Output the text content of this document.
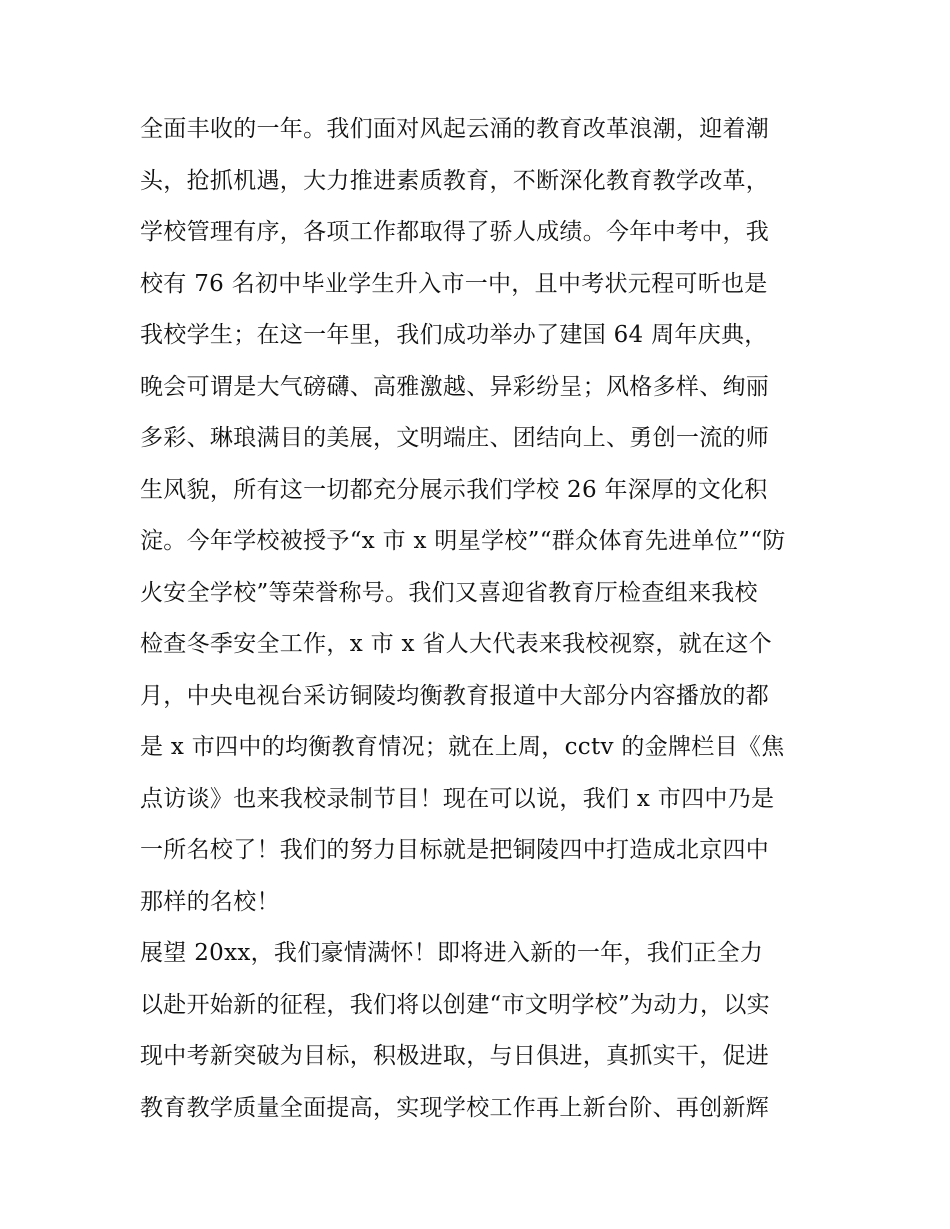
全面丰收的一年。我们面对风起云涌的教育改革浪潮，迎着潮
头，抢抓机遇，大力推进素质教育，不断深化教育教学改革，
学校管理有序，各项工作都取得了骄人成绩。今年中考中，我
校有 76 名初中毕业学生升入市一中，且中考状元程可昕也是
我校学生；在这一年里，我们成功举办了建国 64 周年庆典，
晚会可谓是大气磅礴、高雅激越、异彩纷呈；风格多样、绚丽
多彩、琳琅满目的美展，文明端庄、团结向上、勇创一流的师
生风貌，所有这一切都充分展示我们学校 26 年深厚的文化积
淀。今年学校被授予“x 市 x 明星学校”“群众体育先进单位”“防
火安全学校”等荣誉称号。我们又喜迎省教育厅检查组来我校
检查冬季安全工作，x 市 x 省人大代表来我校视察，就在这个
月，中央电视台采访铜陵均衡教育报道中大部分内容播放的都
是 x 市四中的均衡教育情况；就在上周，cctv 的金牌栏目《焦
点访谈》也来我校录制节目！现在可以说，我们 x 市四中乃是
一所名校了！我们的努力目标就是把铜陵四中打造成北京四中
那样的名校！
展望 20xx，我们豪情满怀！即将进入新的一年，我们正全力
以赴开始新的征程，我们将以创建“市文明学校”为动力，以实
现中考新突破为目标，积极进取，与日俱进，真抓实干，促进
教育教学质量全面提高，实现学校工作再上新台阶、再创新辉
